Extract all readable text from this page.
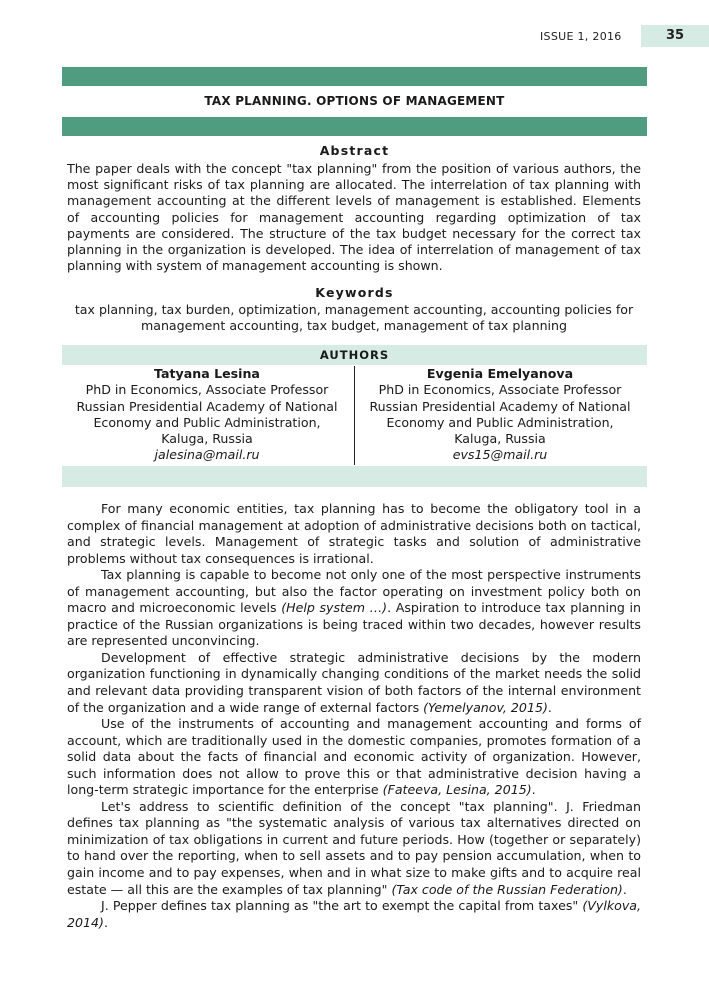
ISSUE 1, 2016	35
TAX PLANNING. OPTIONS OF MANAGEMENT
Abstract
The paper deals with the concept "tax planning" from the position of various authors, the most significant risks of tax planning are allocated. The interrelation of tax planning with management accounting at the different levels of management is established. Elements of accounting policies for management accounting regarding optimization of tax payments are considered. The structure of the tax budget necessary for the correct tax planning in the organization is developed. The idea of interrelation of management of tax planning with system of management accounting is shown.
Keywords
tax planning, tax burden, optimization, management accounting, accounting policies for management accounting, tax budget, management of tax planning
AUTHORS
Tatyana Lesina
PhD in Economics, Associate Professor
Russian Presidential Academy of National Economy and Public Administration,
Kaluga, Russia
jalesina@mail.ru
Evgenia Emelyanova
PhD in Economics, Associate Professor
Russian Presidential Academy of National Economy and Public Administration,
Kaluga, Russia
evs15@mail.ru

For many economic entities, tax planning has to become the obligatory tool in a complex of financial management at adoption of administrative decisions both on tactical, and strategic levels. Management of strategic tasks and solution of administrative problems without tax consequences is irrational.

Tax planning is capable to become not only one of the most perspective instruments of management accounting, but also the factor operating on investment policy both on macro and microeconomic levels (Help system …). Aspiration to introduce tax planning in practice of the Russian organizations is being traced within two decades, however results are represented unconvincing.

Development of effective strategic administrative decisions by the modern organization functioning in dynamically changing conditions of the market needs the solid and relevant data providing transparent vision of both factors of the internal environment of the organization and a wide range of external factors (Yemelyanov, 2015).

Use of the instruments of accounting and management accounting and forms of account, which are traditionally used in the domestic companies, promotes formation of a solid data about the facts of financial and economic activity of organization. However, such information does not allow to prove this or that administrative decision having a long-term strategic importance for the enterprise (Fateeva, Lesina, 2015).

Let's address to scientific definition of the concept "tax planning". J. Friedman defines tax planning as "the systematic analysis of various tax alternatives directed on minimization of tax obligations in current and future periods. How (together or separately) to hand over the reporting, when to sell assets and to pay pension accumulation, when to gain income and to pay expenses, when and in what size to make gifts and to acquire real estate — all this are the examples of tax planning" (Tax code of the Russian Federation).

J. Pepper defines tax planning as "the art to exempt the capital from taxes" (Vylkova, 2014).
